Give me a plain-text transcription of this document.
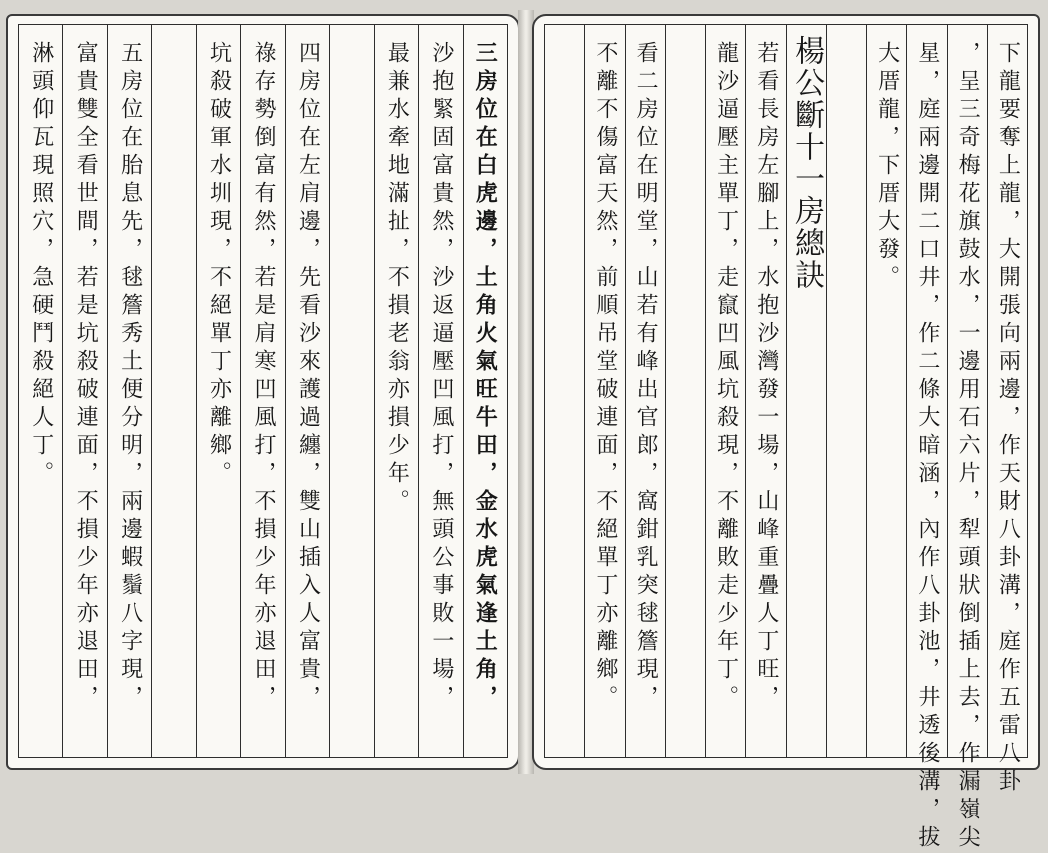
三房位在白虎邊，土角火氣旺牛田，金水虎氣逢土角，
沙抱緊固富貴然，沙返逼壓凹風打，無頭公事敗一場，
最兼水牽地滿扯，不損老翁亦損少年。
四房位在左肩邊，先看沙來護過纏，雙山插入人富貴，
祿存勢倒富有然，若是肩寒凹風打，不損少年亦退田，
坑殺破軍水圳現，不絕單丁亦離鄉。
五房位在胎息先，毬簷秀土便分明，兩邊蝦鬚八字現，
富貴雙全看世間，若是坑殺破連面，不損少年亦退田，
淋頭仰瓦現照穴，急硬鬥殺絕人丁。	下龍要奪上龍，大開張向兩邊，作天財八卦溝，庭作五雷八卦
，呈三奇梅花旗鼓水，一邊用石六片，犁頭狀倒插上去，作漏嶺尖
星，庭兩邊開二口井，作二條大暗涵，內作八卦池，井透後溝，拔
大厝龍，下厝大發。
楊公斷十一房總訣
若看長房左腳上，水抱沙灣發一場，山峰重疊人丁旺，
龍沙逼壓主單丁，走竄凹風坑殺現，不離敗走少年丁。
看二房位在明堂，山若有峰出官郎，窩鉗乳突毬簷現，
不離不傷富天然，前順吊堂破連面，不絕單丁亦離鄉。
